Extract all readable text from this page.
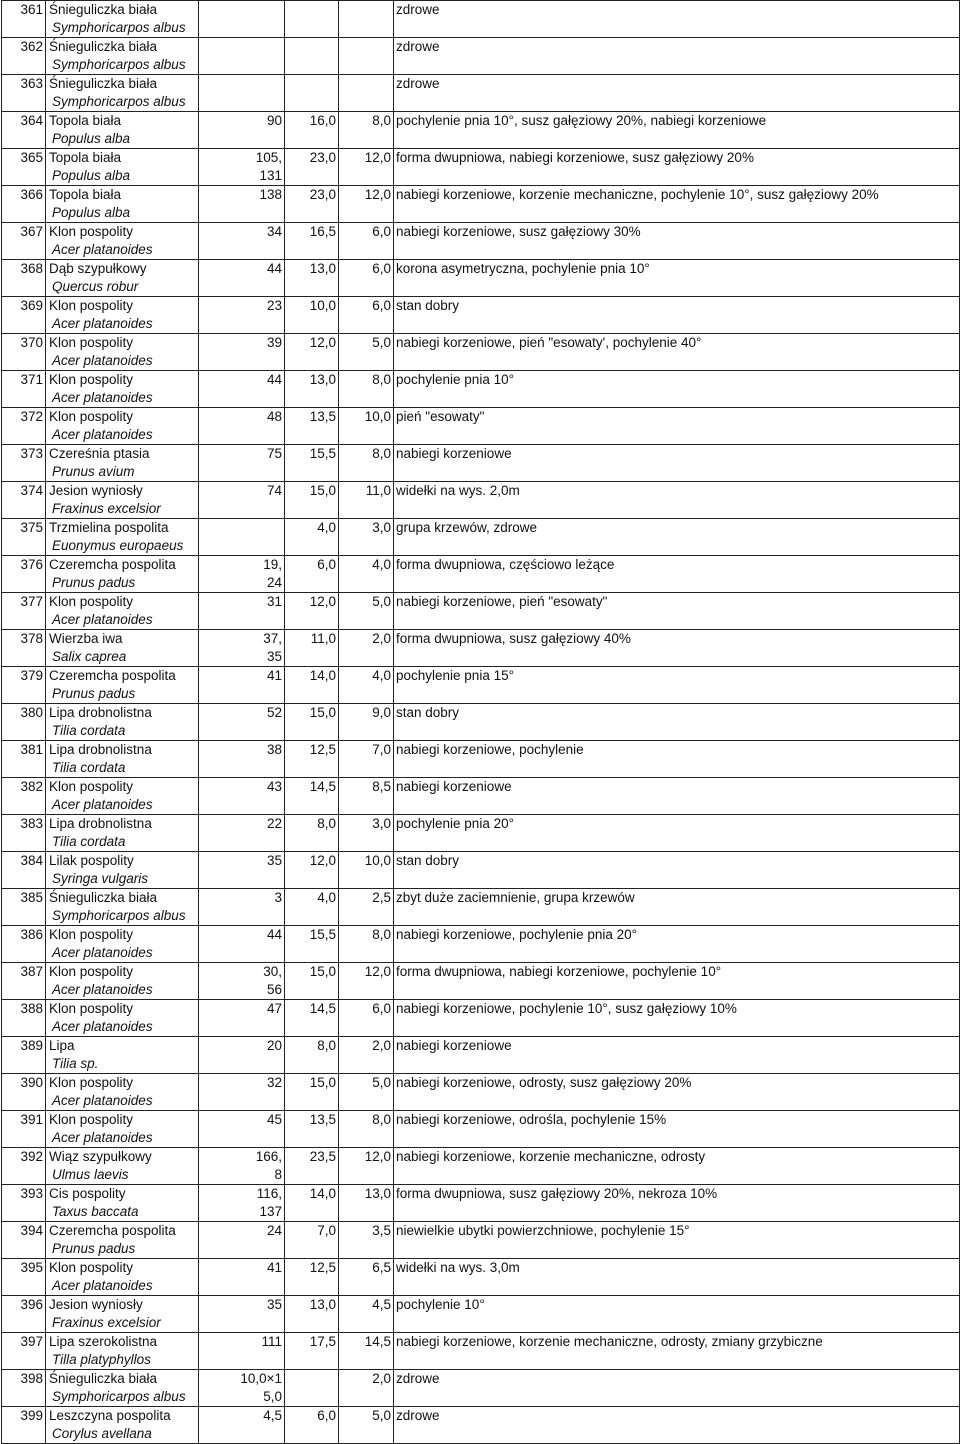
361	Śnieguliczka biała
Symphoricarpos albus				zdrowe
362	Śnieguliczka biała
Symphoricarpos albus				zdrowe
363	Śnieguliczka biała
Symphoricarpos albus				zdrowe
364	Topola biała
Populus alba	90	16,0	8,0	pochylenie pnia 10°, susz gałęziowy 20%, nabiegi korzeniowe
365	Topola biała
Populus alba	105,
131	23,0	12,0	forma dwupniowa, nabiegi korzeniowe, susz gałęziowy 20%
366	Topola biała
Populus alba	138	23,0	12,0	nabiegi korzeniowe, korzenie mechaniczne, pochylenie 10°, susz gałęziowy 20%
367	Klon pospolity
Acer platanoides	34	16,5	6,0	nabiegi korzeniowe, susz gałęziowy 30%
368	Dąb szypułkowy
Quercus robur	44	13,0	6,0	korona asymetryczna, pochylenie pnia 10°
369	Klon pospolity
Acer platanoides	23	10,0	6,0	stan dobry
370	Klon pospolity
Acer platanoides	39	12,0	5,0	nabiegi korzeniowe, pień "esowaty', pochylenie 40°
371	Klon pospolity
Acer platanoides	44	13,0	8,0	pochylenie pnia 10°
372	Klon pospolity
Acer platanoides	48	13,5	10,0	pień "esowaty"
373	Czereśnia ptasia
Prunus avium	75	15,5	8,0	nabiegi korzeniowe
374	Jesion wyniosły
Fraxinus excelsior	74	15,0	11,0	widełki na wys. 2,0m
375	Trzmielina pospolita
Euonymus europaeus		4,0	3,0	grupa krzewów, zdrowe
376	Czeremcha pospolita
Prunus padus	19,
24	6,0	4,0	forma dwupniowa, częściowo leżące
377	Klon pospolity
Acer platanoides	31	12,0	5,0	nabiegi korzeniowe, pień "esowaty"
378	Wierzba iwa
Salix caprea	37,
35	11,0	2,0	forma dwupniowa, susz gałęziowy 40%
379	Czeremcha pospolita
Prunus padus	41	14,0	4,0	pochylenie pnia 15°
380	Lipa drobnolistna
Tilia cordata	52	15,0	9,0	stan dobry
381	Lipa drobnolistna
Tilia cordata	38	12,5	7,0	nabiegi korzeniowe, pochylenie
382	Klon pospolity
Acer platanoides	43	14,5	8,5	nabiegi korzeniowe
383	Lipa drobnolistna
Tilia cordata	22	8,0	3,0	pochylenie pnia 20°
384	Lilak pospolity
Syringa vulgaris	35	12,0	10,0	stan dobry
385	Śnieguliczka biała
Symphoricarpos albus	3	4,0	2,5	zbyt duże zaciemnienie, grupa krzewów
386	Klon pospolity
Acer platanoides	44	15,5	8,0	nabiegi korzeniowe, pochylenie pnia 20°
387	Klon pospolity
Acer platanoides	30,
56	15,0	12,0	forma dwupniowa, nabiegi korzeniowe, pochylenie 10°
388	Klon pospolity
Acer platanoides	47	14,5	6,0	nabiegi korzeniowe, pochylenie 10°, susz gałęziowy 10%
389	Lipa
Tilia sp.	20	8,0	2,0	nabiegi korzeniowe
390	Klon pospolity
Acer platanoides	32	15,0	5,0	nabiegi korzeniowe, odrosty, susz gałęziowy 20%
391	Klon pospolity
Acer platanoides	45	13,5	8,0	nabiegi korzeniowe, odrośla, pochylenie 15%
392	Wiąz szypułkowy
Ulmus laevis	166,
8	23,5	12,0	nabiegi korzeniowe, korzenie mechaniczne, odrosty
393	Cis pospolity
Taxus baccata	116,
137	14,0	13,0	forma dwupniowa, susz gałęziowy 20%, nekroza 10%
394	Czeremcha pospolita
Prunus padus	24	7,0	3,5	niewielkie ubytki powierzchniowe, pochylenie 15°
395	Klon pospolity
Acer platanoides	41	12,5	6,5	widełki na wys. 3,0m
396	Jesion wyniosły
Fraxinus excelsior	35	13,0	4,5	pochylenie 10°
397	Lipa szerokolistna
Tilla platyphyllos	111	17,5	14,5	nabiegi korzeniowe, korzenie mechaniczne, odrosty, zmiany grzybiczne
398	Śnieguliczka biała
Symphoricarpos albus	10,0×1
5,0		2,0	zdrowe
399	Leszczyna pospolita
Corylus avellana	4,5	6,0	5,0	zdrowe
